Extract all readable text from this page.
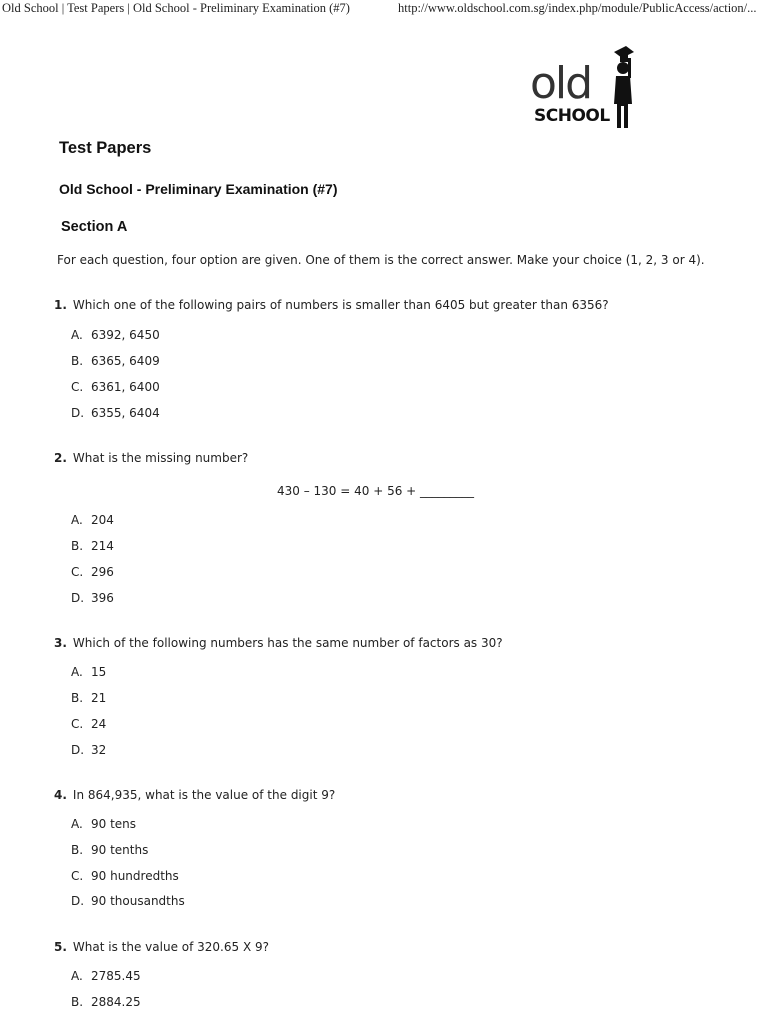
Old School | Test Papers | Old School - Preliminary Examination (#7)	http://www.oldschool.com.sg/index.php/module/PublicAccess/action/...
old
SCHOOL
Test Papers
Old School - Preliminary Examination (#7)
Section A
For each question, four option are given. One of them is the correct answer. Make your choice (1, 2, 3 or 4).
1. Which one of the following pairs of numbers is smaller than 6405 but greater than 6356?
A. 6392, 6450
B. 6365, 6409
C. 6361, 6400
D. 6355, 6404
2. What is the missing number?
430 – 130 = 40 + 56 + _________
A. 204
B. 214
C. 296
D. 396
3. Which of the following numbers has the same number of factors as 30?
A. 15
B. 21
C. 24
D. 32
4. In 864,935, what is the value of the digit 9?
A. 90 tens
B. 90 tenths
C. 90 hundredths
D. 90 thousandths
5. What is the value of 320.65 X 9?
A. 2785.45
B. 2884.25
